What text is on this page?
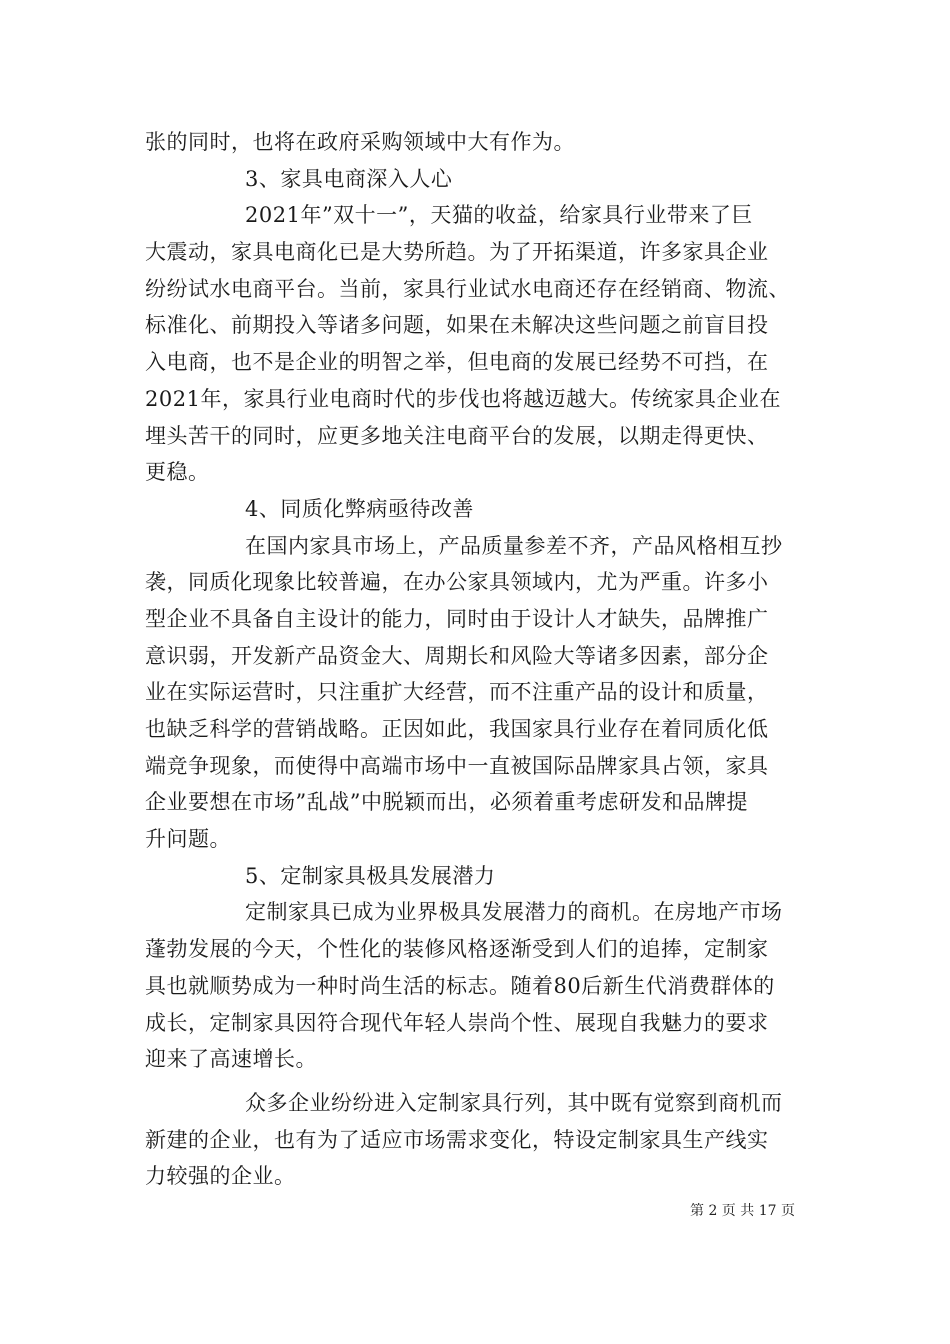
张的同时，也将在政府采购领域中大有作为。
3、家具电商深入人心
2021年”双十一”，天猫的收益，给家具行业带来了巨
大震动，家具电商化已是大势所趋。为了开拓渠道，许多家具企业
纷纷试水电商平台。当前，家具行业试水电商还存在经销商、物流、
标准化、前期投入等诸多问题，如果在未解决这些问题之前盲目投
入电商，也不是企业的明智之举，但电商的发展已经势不可挡，在
2021年，家具行业电商时代的步伐也将越迈越大。传统家具企业在
埋头苦干的同时，应更多地关注电商平台的发展，以期走得更快、
更稳。
4、同质化弊病亟待改善
在国内家具市场上，产品质量参差不齐，产品风格相互抄
袭，同质化现象比较普遍，在办公家具领域内，尤为严重。许多小
型企业不具备自主设计的能力，同时由于设计人才缺失，品牌推广
意识弱，开发新产品资金大、周期长和风险大等诸多因素，部分企
业在实际运营时，只注重扩大经营，而不注重产品的设计和质量，
也缺乏科学的营销战略。正因如此，我国家具行业存在着同质化低
端竞争现象，而使得中高端市场中一直被国际品牌家具占领，家具
企业要想在市场”乱战”中脱颖而出，必须着重考虑研发和品牌提
升问题。
5、定制家具极具发展潜力
定制家具已成为业界极具发展潜力的商机。在房地产市场
蓬勃发展的今天，个性化的装修风格逐渐受到人们的追捧，定制家
具也就顺势成为一种时尚生活的标志。随着80后新生代消费群体的
成长，定制家具因符合现代年轻人崇尚个性、展现自我魅力的要求
迎来了高速增长。
众多企业纷纷进入定制家具行列，其中既有觉察到商机而
新建的企业，也有为了适应市场需求变化，特设定制家具生产线实
力较强的企业。
第 2 页 共 17 页
